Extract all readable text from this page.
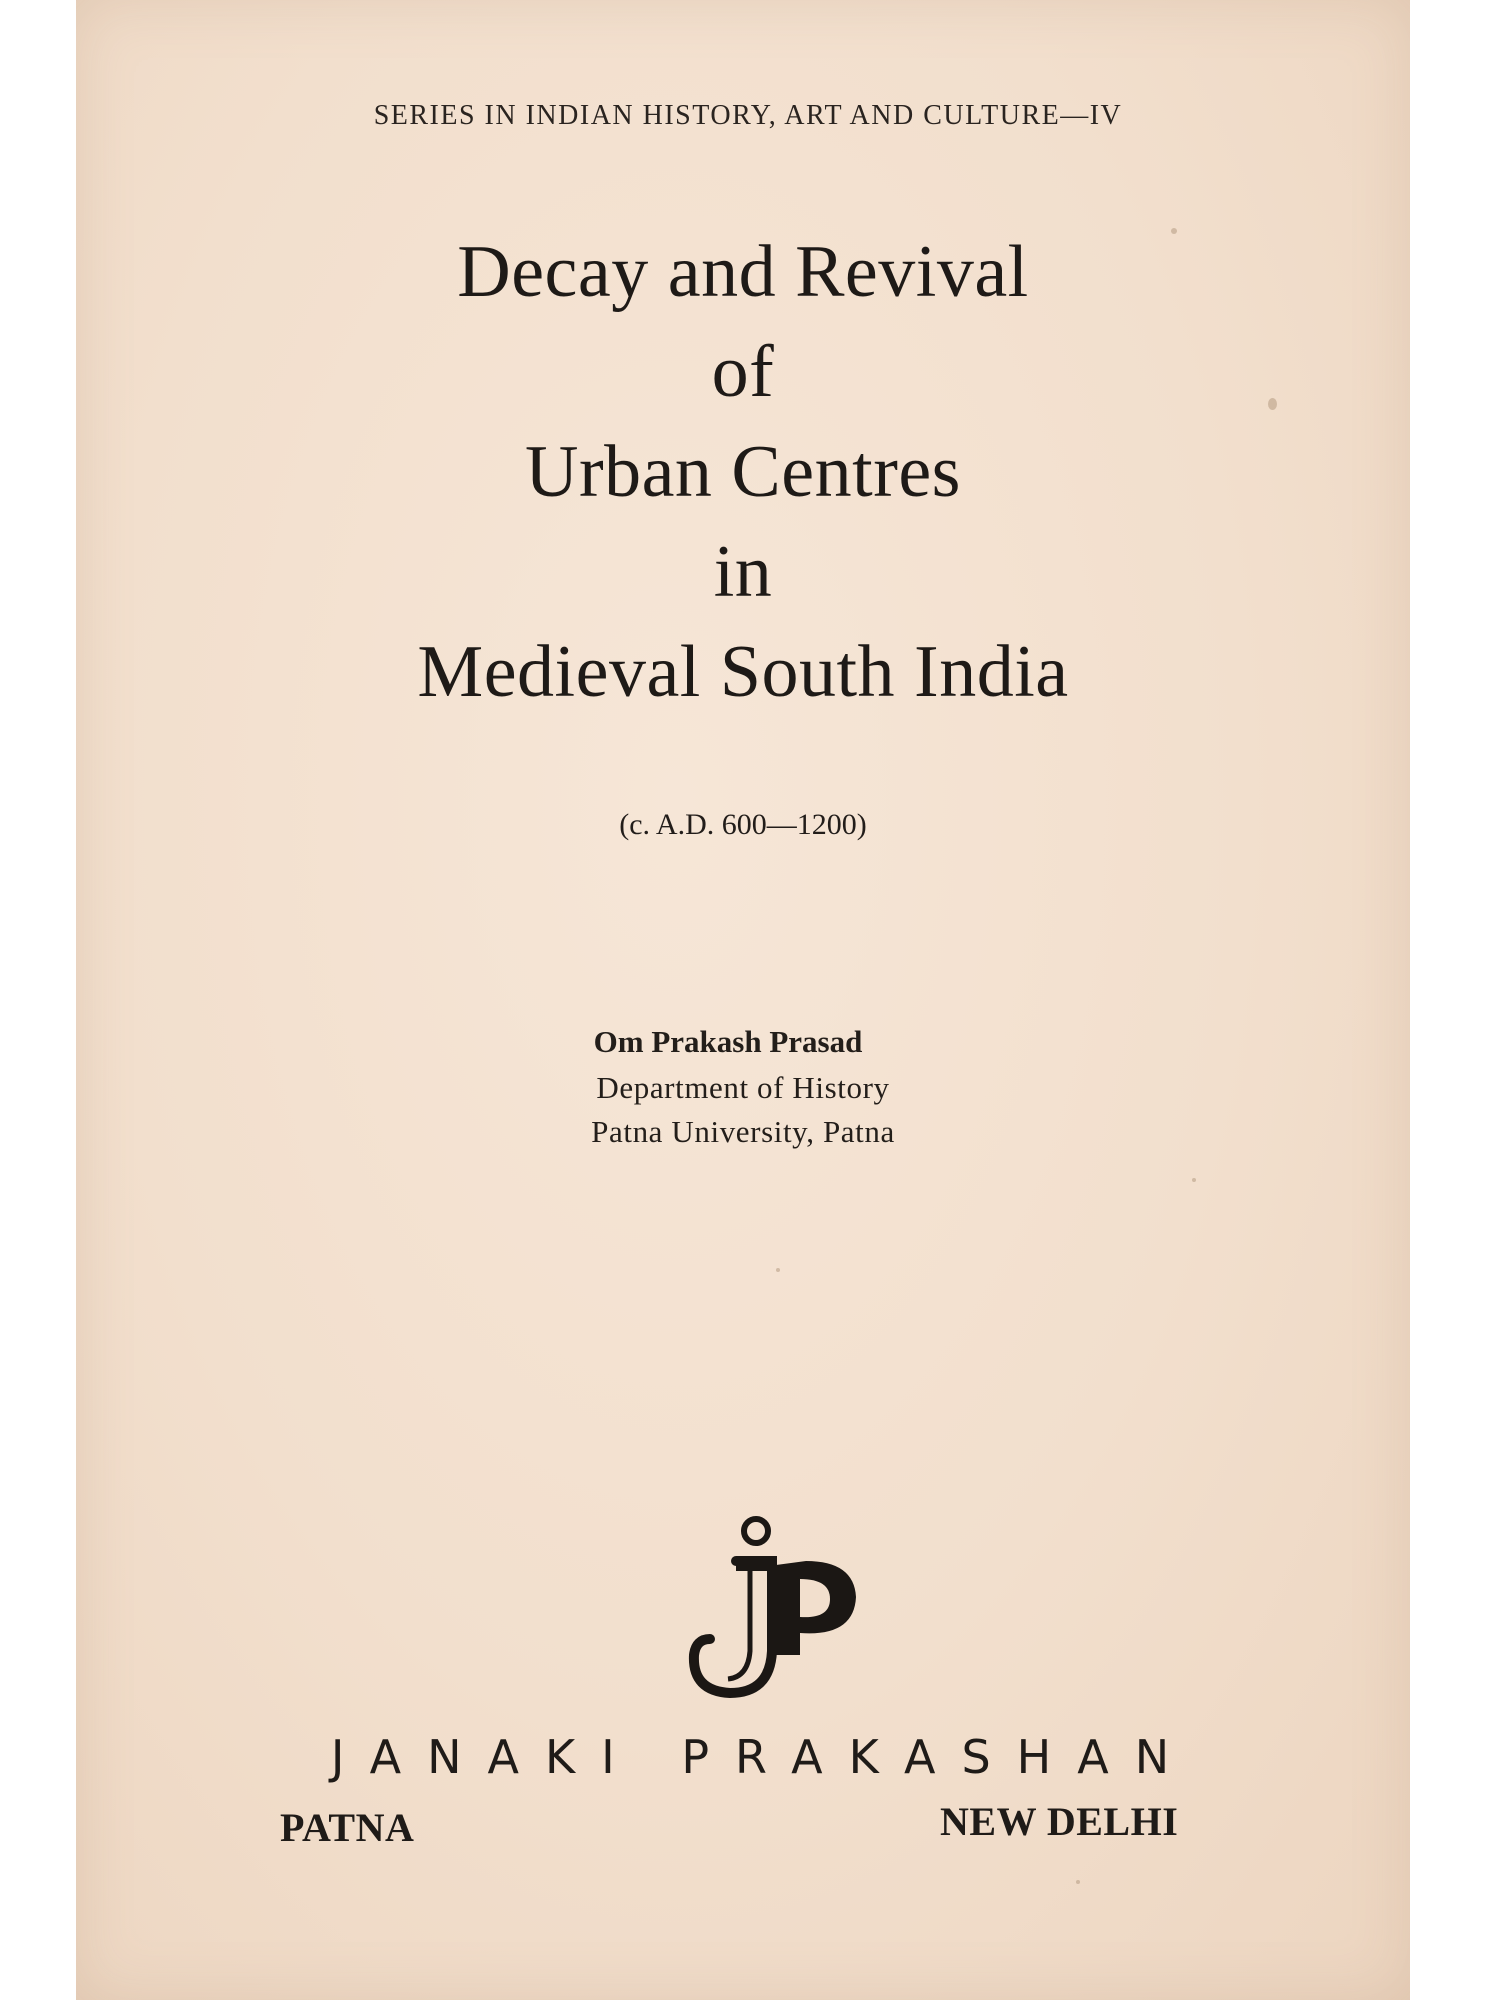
SERIES IN INDIAN HISTORY, ART AND CULTURE—IV
Decay and Revival
of
Urban Centres
in
Medieval South India
(c. A.D. 600—1200)
Om Prakash Prasad
Department of History
Patna University, Patna
JANAKI PRAKASHAN
PATNA	NEW DELHI
